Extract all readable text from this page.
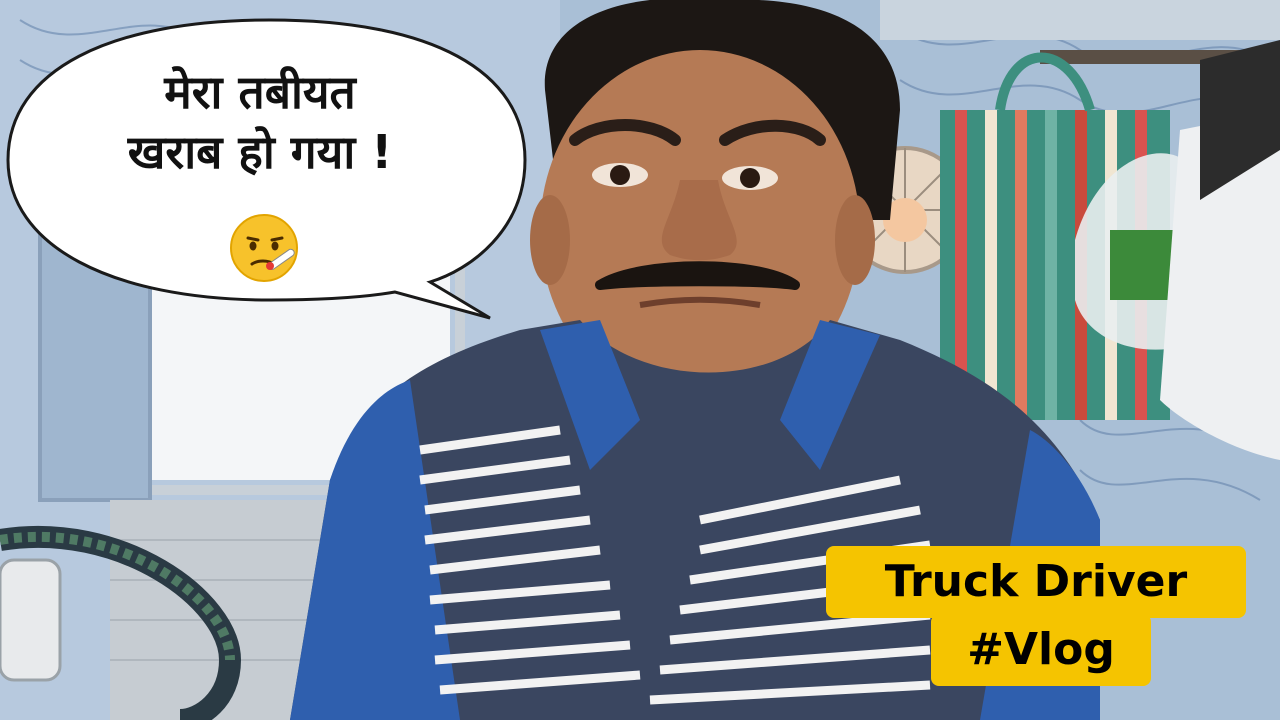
मेरा तबीयत
खराब हो गया !
Truck Driver
#Vlog
